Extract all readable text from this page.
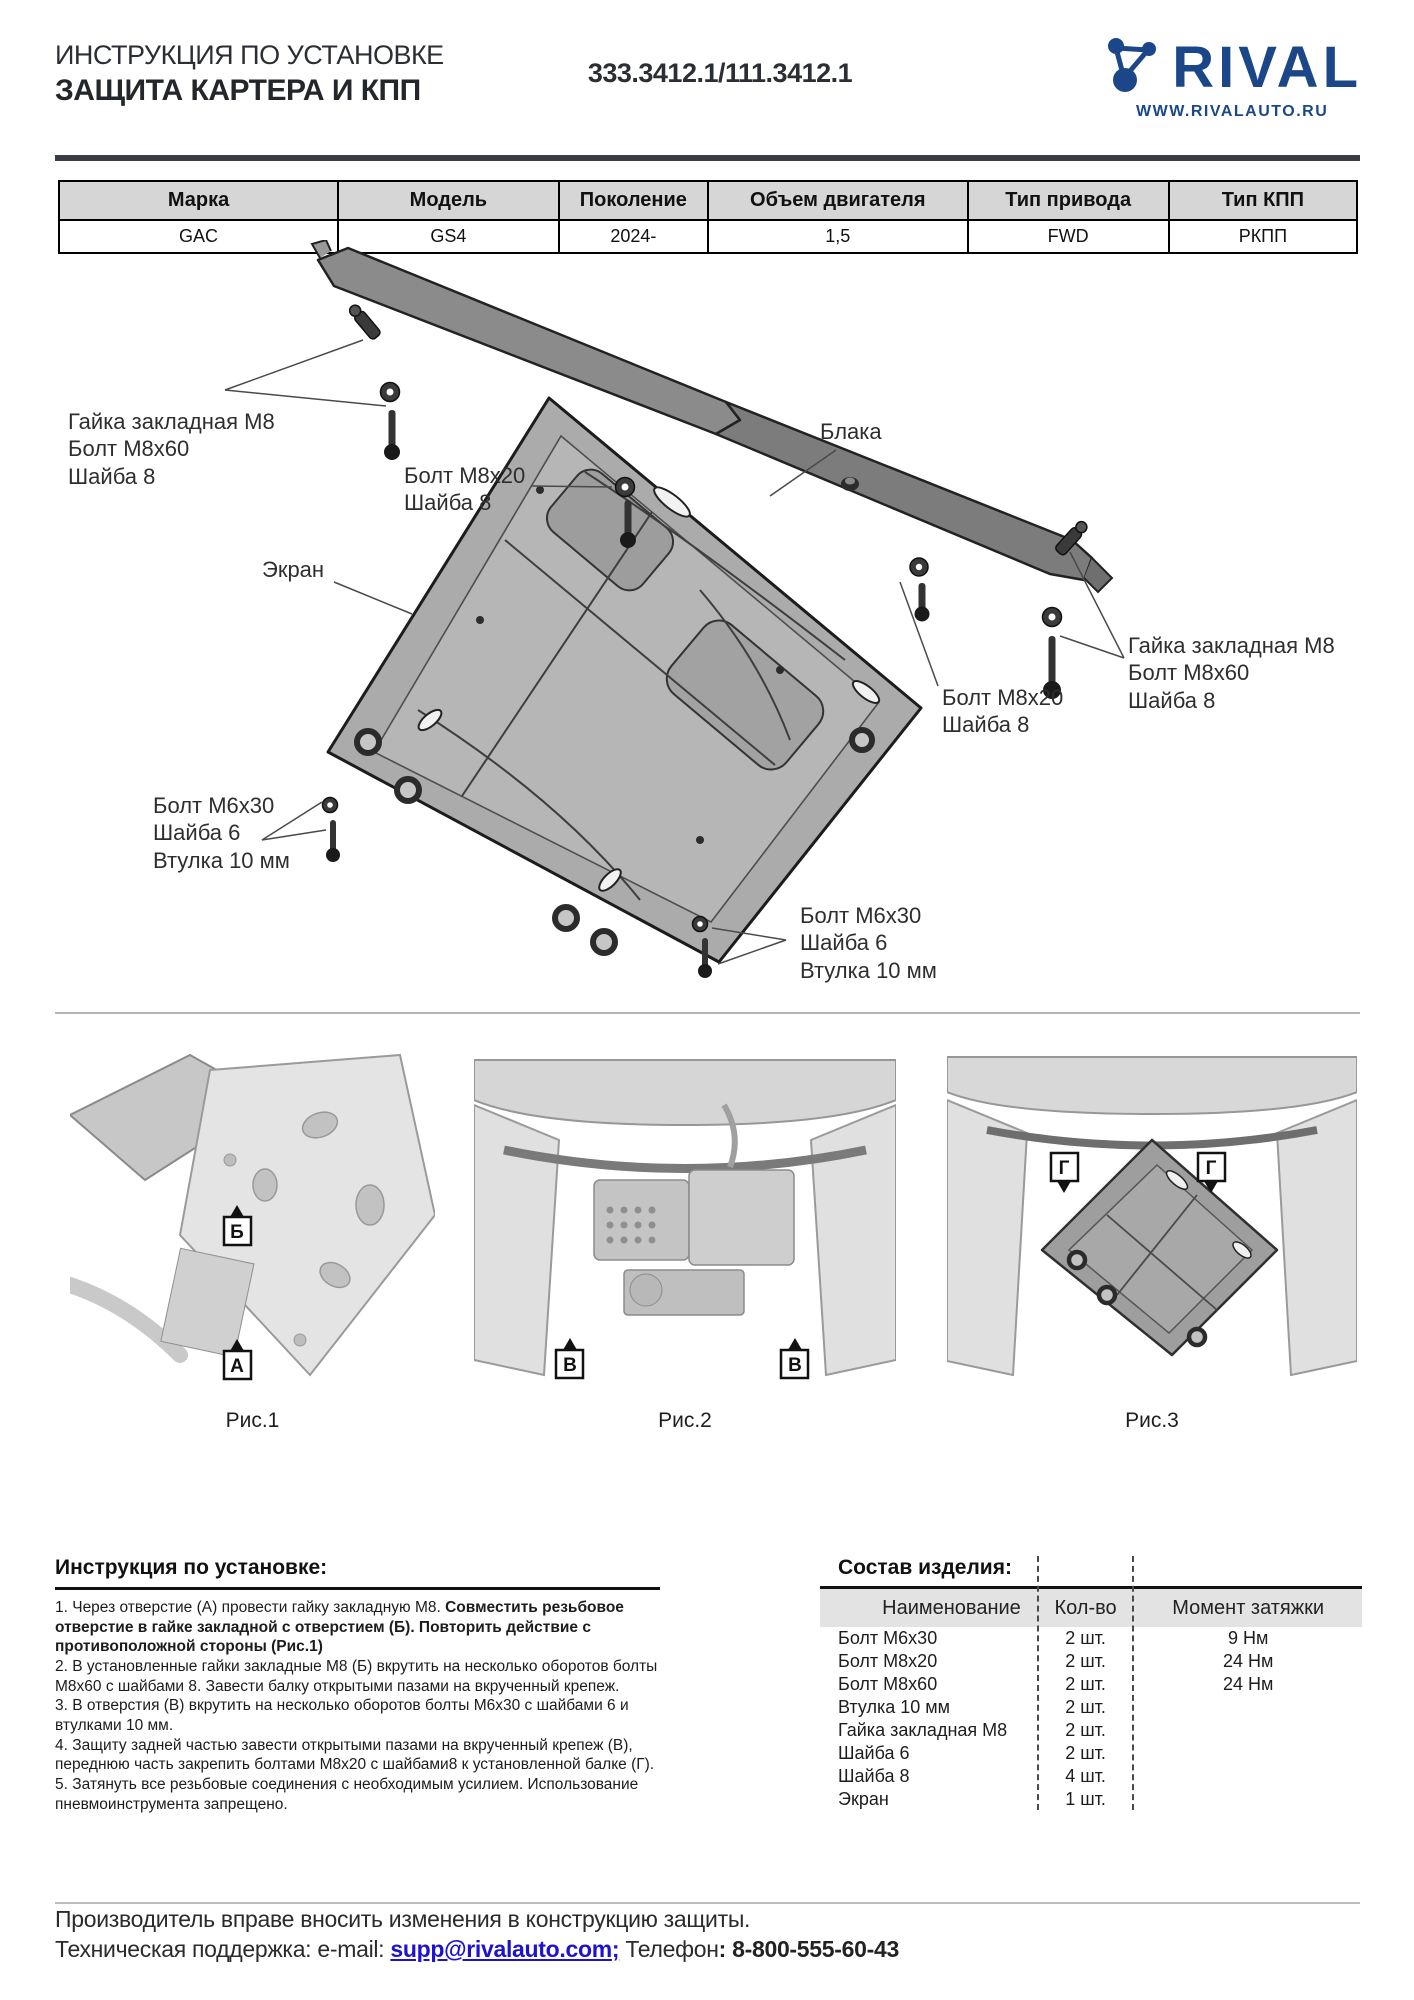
ИНСТРУКЦИЯ ПО УСТАНОВКЕ
ЗАЩИТА КАРТЕРА И КПП
333.3412.1/111.3412.1	RIVAL
WWW.RIVALAUTO.RU
Марка	Модель	Поколение	Объем двигателя	Тип привода	Тип КПП
GAC	GS4	2024-	1,5	FWD	РКПП
Гайка закладная М8
Болт М8х60
Шайба 8	Болт М8х20
Шайба 8
Экран
Блака
Гайка закладная М8
Болт М8х60
Шайба 8
Болт М8х20
Шайба 8
Болт М6х30
Шайба 6
Втулка 10 мм
Болт М6х30
Шайба 6
Втулка 10 мм
Б
А
Рис.1
В	В
Рис.2
Г	Г
Рис.3
Инструкция по установке:
1. Через отверстие (А) провести гайку закладную М8. Совместить резьбовое отверстие в гайке закладной с отверстием (Б). Повторить действие с противоположной стороны (Рис.1)
2. В установленные гайки закладные М8 (Б) вкрутить на несколько оборотов болты М8х60 с шайбами 8. Завести балку открытыми пазами на вкрученный крепеж.
3. В отверстия (В) вкрутить на несколько оборотов болты М6х30 с шайбами 6 и втулками 10 мм.
4. Защиту задней частью завести открытыми пазами на вкрученный крепеж (В), переднюю часть закрепить болтами М8х20 с шайбами8 к установленной балке (Г).
5. Затянуть все резьбовые соединения с необходимым усилием. Использование пневмоинструмента запрещено.
Состав изделия:
Наименование	Кол-во	Момент затяжки
Болт М6х30	2 шт.	9 Нм
Болт М8х20	2 шт.	24 Нм
Болт М8х60	2 шт.	24 Нм
Втулка 10 мм	2 шт.	
Гайка закладная М8	2 шт.	
Шайба 6	2 шт.	
Шайба 8	4 шт.	
Экран	1 шт.	
Производитель вправе вносить изменения в конструкцию защиты.
Техническая поддержка: e-mail: supp@rivalauto.com; Телефон: 8-800-555-60-43
